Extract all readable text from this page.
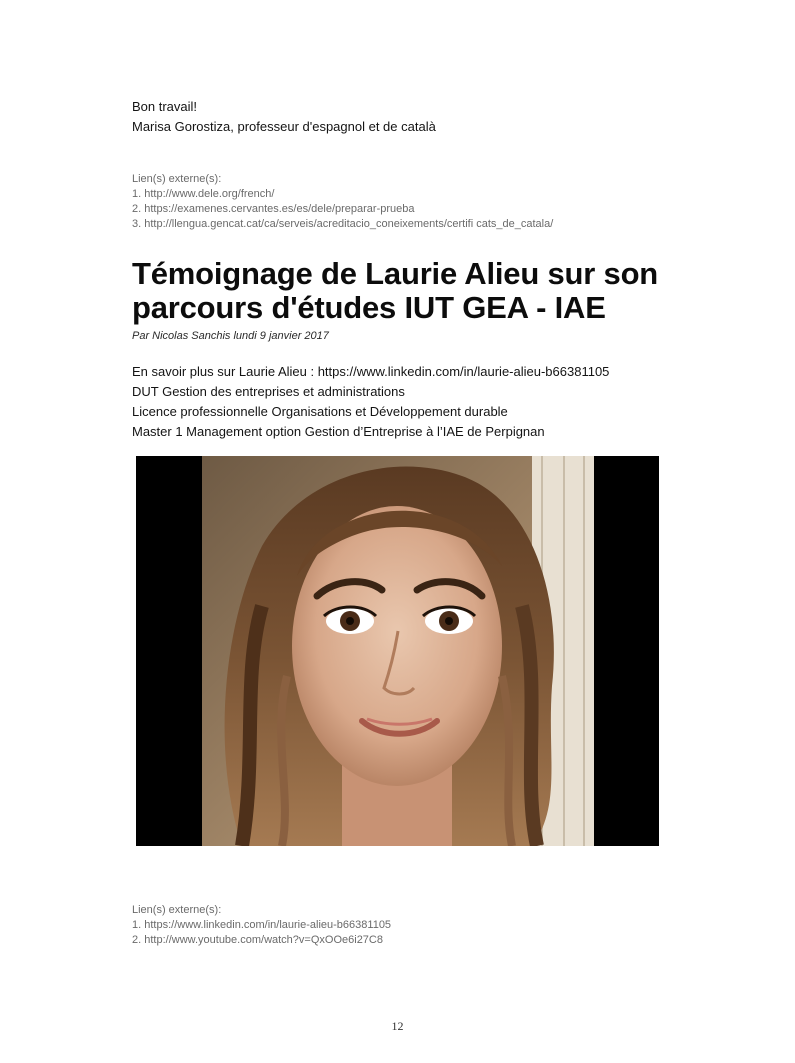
Bon travail!
Marisa Gorostiza, professeur d'espagnol et de català
Lien(s) externe(s):
1. http://www.dele.org/french/
2. https://examenes.cervantes.es/es/dele/preparar-prueba
3. http://llengua.gencat.cat/ca/serveis/acreditacio_coneixements/certifi cats_de_catala/
Témoignage de Laurie Alieu sur son parcours d'études IUT GEA - IAE
Par Nicolas Sanchis lundi 9 janvier 2017
En savoir plus sur Laurie Alieu : https://www.linkedin.com/in/laurie-alieu-b66381105
DUT Gestion des entreprises et administrations
Licence professionnelle Organisations et Développement durable
Master 1 Management option Gestion d’Entreprise à l’IAE de Perpignan
Lien(s) externe(s):
1. https://www.linkedin.com/in/laurie-alieu-b66381105
2. http://www.youtube.com/watch?v=QxOOe6i27C8
12
